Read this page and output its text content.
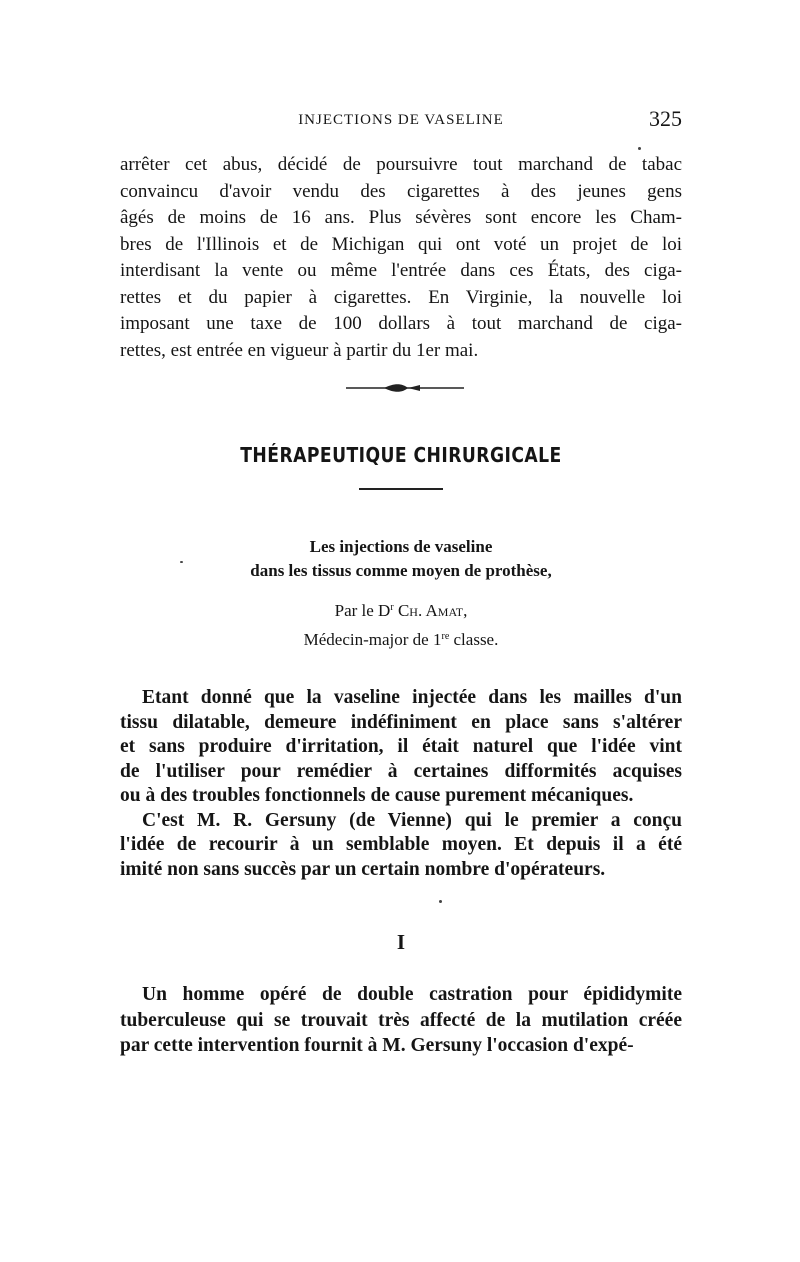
INJECTIONS DE VASELINE	325
arrêter cet abus, décidé de poursuivre tout marchand de tabac
convaincu d'avoir vendu des cigarettes à des jeunes gens
âgés de moins de 16 ans. Plus sévères sont encore les Cham-
bres de l'Illinois et de Michigan qui ont voté un projet de loi
interdisant la vente ou même l'entrée dans ces États, des ciga-
rettes et du papier à cigarettes. En Virginie, la nouvelle loi
imposant une taxe de 100 dollars à tout marchand de ciga-
rettes, est entrée en vigueur à partir du 1er mai.
THÉRAPEUTIQUE CHIRURGICALE
Les injections de vaseline
dans les tissus comme moyen de prothèse,
Par le $D^r$ Ch. Amat,
Médecin-major de 1re classe.
Etant donné que la vaseline injectée dans les mailles d'un
tissu dilatable, demeure indéfiniment en place sans s'altérer
et sans produire d'irritation, il était naturel que l'idée vint
de l'utiliser pour remédier à certaines difformités acquises
ou à des troubles fonctionnels de cause purement mécaniques.
C'est M. R. Gersuny (de Vienne) qui le premier a conçu
l'idée de recourir à un semblable moyen. Et depuis il a été
imité non sans succès par un certain nombre d'opérateurs.
I
Un homme opéré de double castration pour épididymite
tuberculeuse qui se trouvait très affecté de la mutilation créée
par cette intervention fournit à M. Gersuny l'occasion d'expé-
